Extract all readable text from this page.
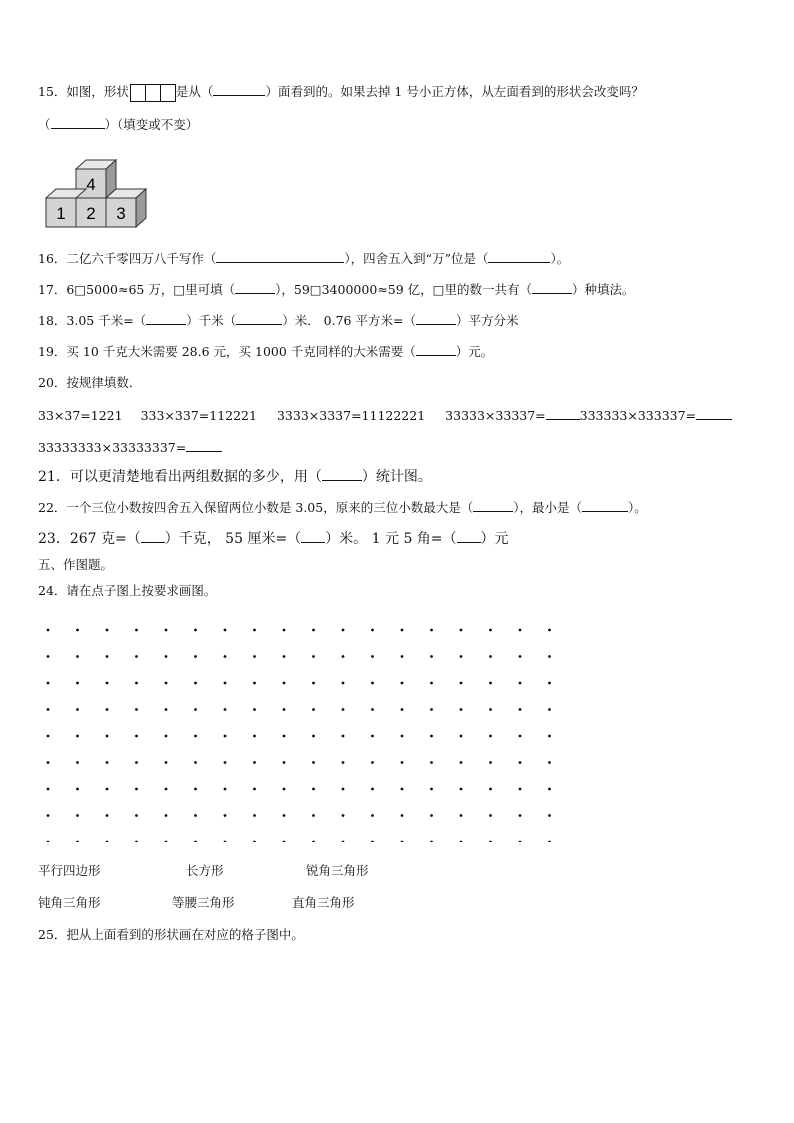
15．如图，形状	是从（	）面看到的。如果去掉 1 号小正方体，从左面看到的形状会改变吗？
（	）（填变或不变）
1 2 3
4
16．二亿六千零四万八千写作（	），四舍五入到“万”位是（	）。
17．6□5000≈65 万，□里可填（	），59□3400000≈59 亿，□里的数一共有（	）种填法。
18．3.05 千米=（	）千米（	）米． 0.76 平方米=（	）平方分米
19．买 10 千克大米需要 28.6 元，买 1000 千克同样的大米需要（	）元。
20．按规律填数．
33×37=1221 333×337=112221 3333×3337=11122221 33333×33337=	333333×333337=
33333333×33333337=
21．可以更清楚地看出两组数据的多少，用（	）统计图。
22．一个三位小数按四舍五入保留两位小数是 3.05，原来的三位小数最大是（	），最小是（	）。
23．267 克=（ ）千克， 55 厘米=（ ）米。 1 元 5 角=（ ）元
五、作图题。
24．请在点子图上按要求画图。
平行四边形	长方形	锐角三角形
钝角三角形	等腰三角形	直角三角形
25．把从上面看到的形状画在对应的格子图中。
